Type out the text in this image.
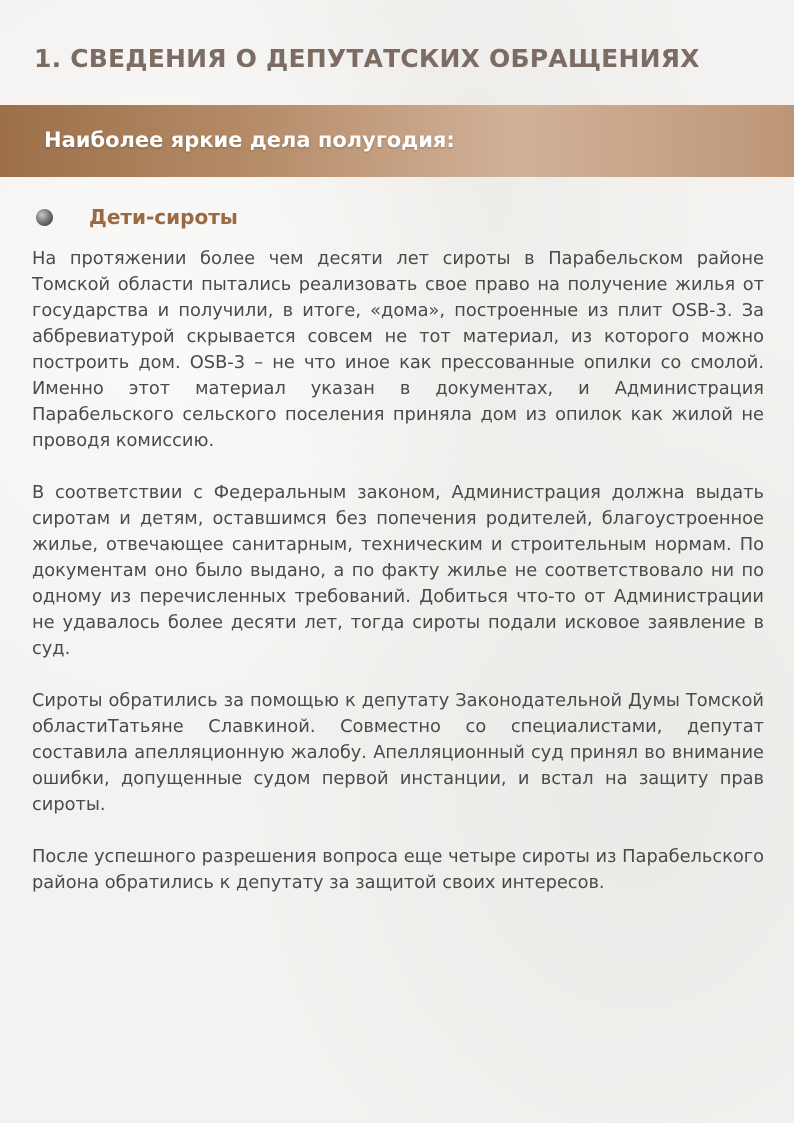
1. СВЕДЕНИЯ О ДЕПУТАТСКИХ ОБРАЩЕНИЯХ
Наиболее яркие дела полугодия:
Дети-сироты

На протяжении более чем десяти лет сироты в Парабельском районе Томской области пытались реализовать свое право на получение жилья от государства и получили, в итоге, «дома», построенные из плит OSB-3. За аббревиатурой скрывается совсем не тот материал, из которого можно построить дом. OSB-3 – не что иное как прессованные опилки со смолой. Именно этот материал указан в документах, и Администрация Парабельского сельского поселения приняла дом из опилок как жилой не проводя комиссию.

В соответствии с Федеральным законом, Администрация должна выдать сиротам и детям, оставшимся без попечения родителей, благоустроенное жилье, отвечающее санитарным, техническим и строительным нормам. По документам оно было выдано, а по факту жилье не соответствовало ни по одному из перечисленных требований. Добиться что-то от Администрации не удавалось более десяти лет, тогда сироты подали исковое заявление в суд.

Сироты обратились за помощью к депутату Законодательной Думы Томской областиТатьяне Славкиной. Совместно со специалистами, депутат составила апелляционную жалобу. Апелляционный суд принял во внимание ошибки, допущенные судом первой инстанции, и встал на защиту прав сироты.

После успешного разрешения вопроса еще четыре сироты из Парабельского района обратились к депутату за защитой своих интересов.
